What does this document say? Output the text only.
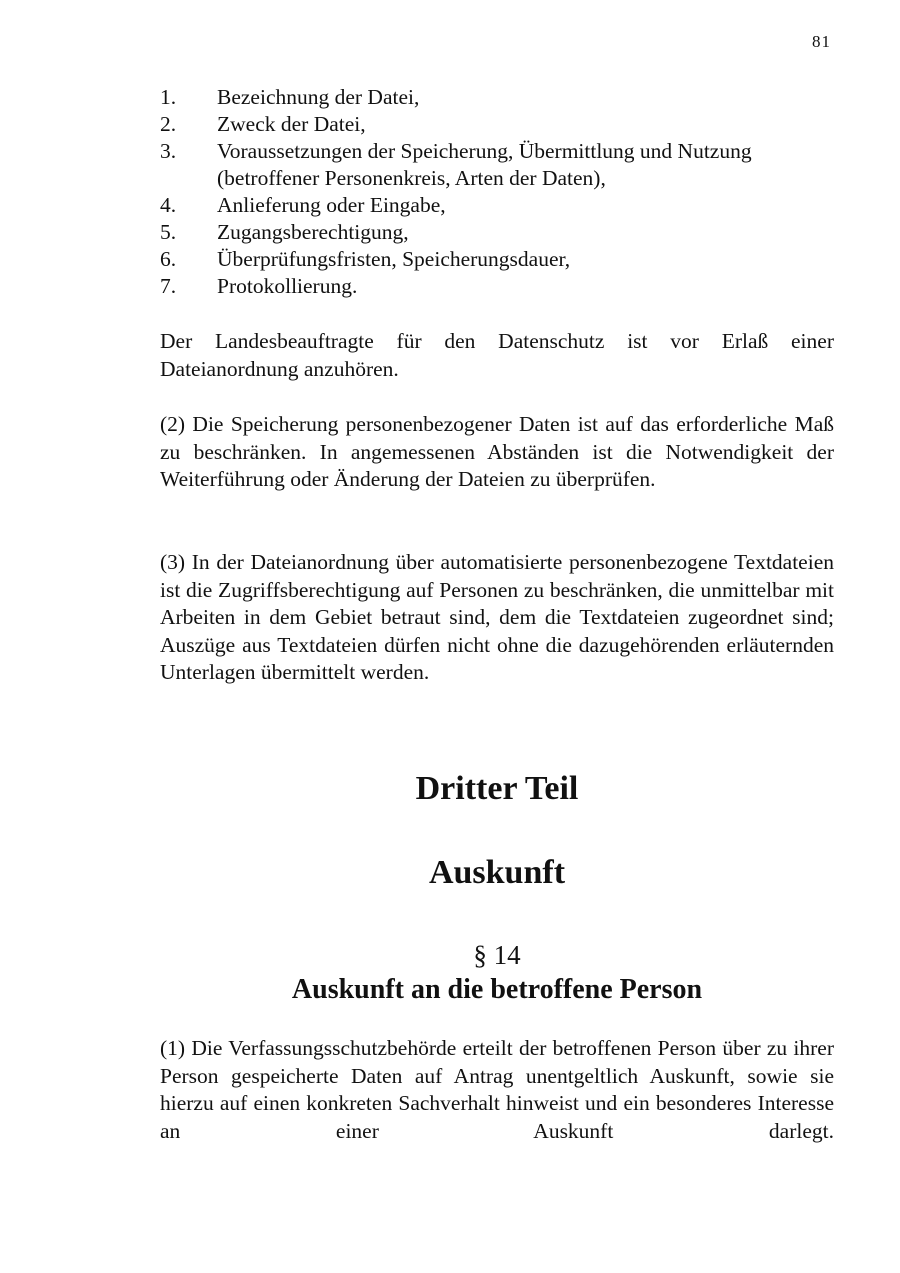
81
1. Bezeichnung der Datei,
2. Zweck der Datei,
3. Voraussetzungen der Speicherung, Übermittlung und Nutzung (betroffener Personenkreis, Arten der Daten),
4. Anlieferung oder Eingabe,
5. Zugangsberechtigung,
6. Überprüfungsfristen, Speicherungsdauer,
7. Protokollierung.

Der Landesbeauftragte für den Datenschutz ist vor Erlaß einer Dateianordnung anzuhören.

(2) Die Speicherung personenbezogener Daten ist auf das erforderliche Maß zu beschränken. In angemessenen Abständen ist die Notwendigkeit der Weiterführung oder Änderung der Dateien zu überprüfen.

(3) In der Dateianordnung über automatisierte personenbezogene Textdateien ist die Zugriffsberechtigung auf Personen zu beschränken, die unmittelbar mit Arbeiten in dem Gebiet betraut sind, dem die Textdateien zugeordnet sind; Auszüge aus Textdateien dürfen nicht ohne die dazugehörenden erläuternden Unterlagen übermittelt werden.

Dritter Teil
Auskunft
§ 14
Auskunft an die betroffene Person

(1) Die Verfassungsschutzbehörde erteilt der betroffenen Person über zu ihrer Person gespeicherte Daten auf Antrag unentgeltlich Auskunft, sowie sie hierzu auf einen konkreten Sachverhalt hinweist und ein besonderes Interesse an einer Auskunft darlegt.
